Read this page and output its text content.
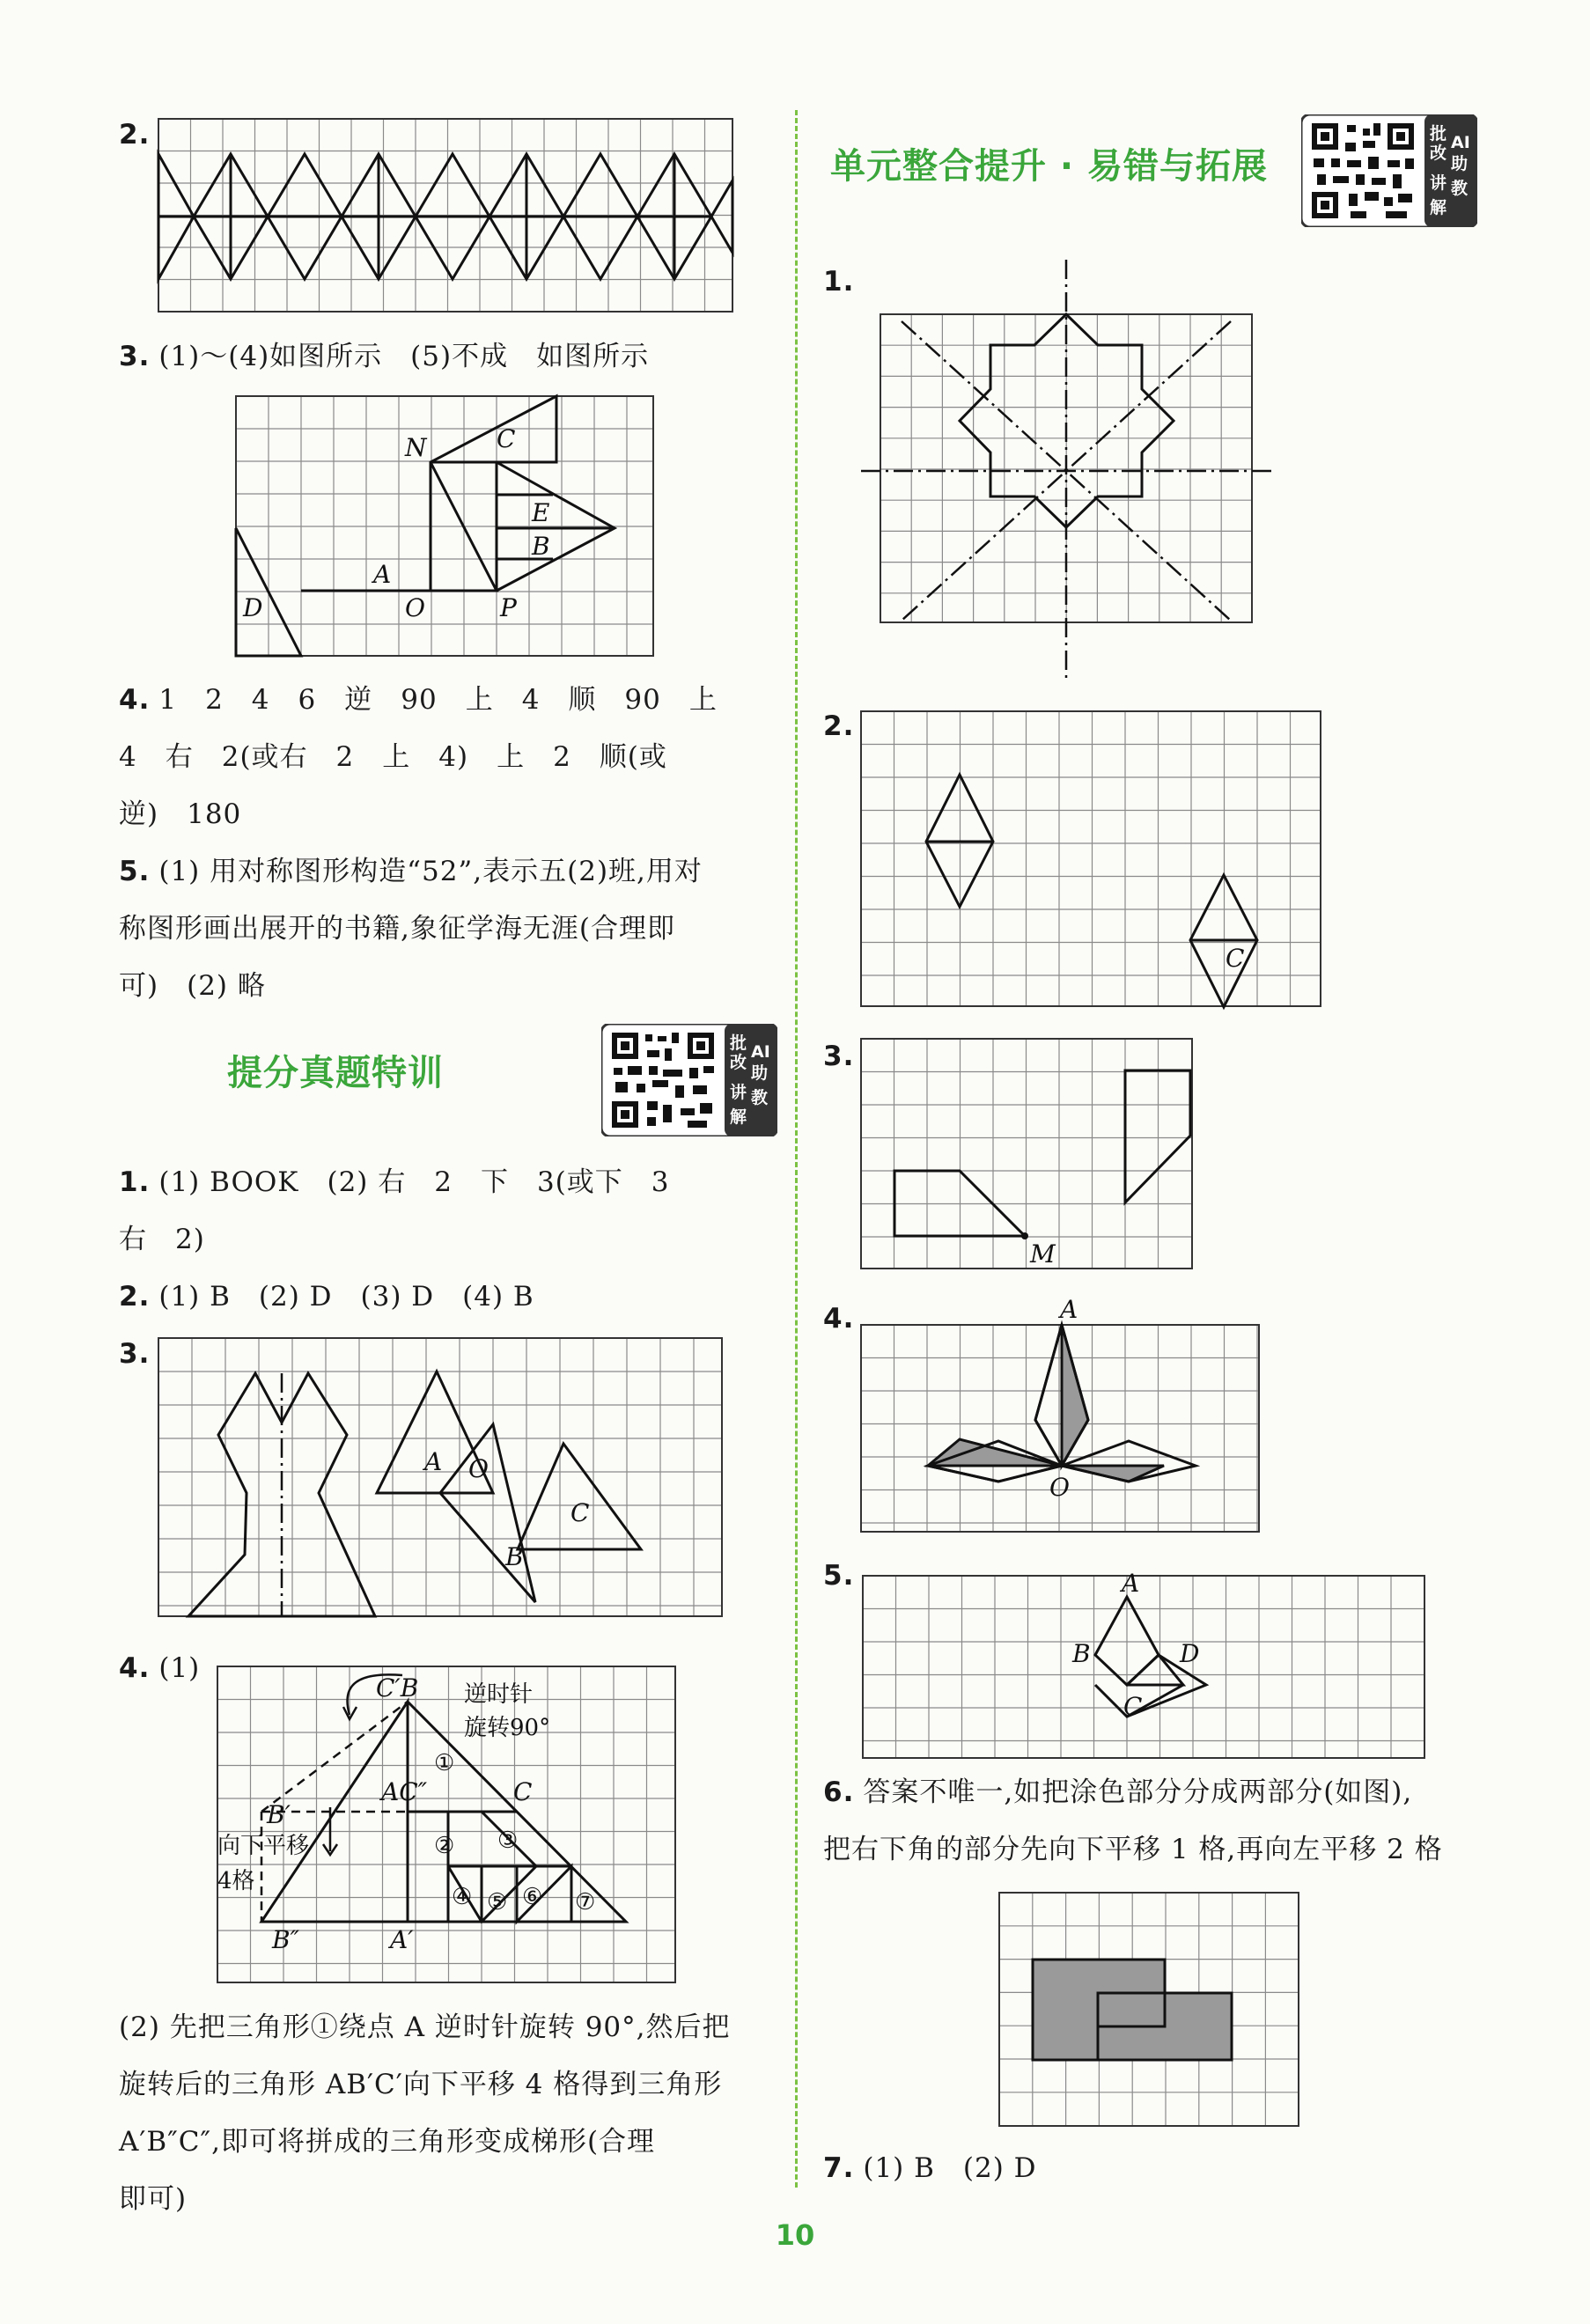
2.
3. (1)～(4)如图所示　(5)不成　如图所示
N	C
E
B
A
D	O	P
4. 1　2　4　6　逆　90　上　4　顺　90　上
4　右　2(或右　2　上　4)　上　2　顺(或
逆)　180
5. (1) 用对称图形构造“52”,表示五(2)班,用对
称图形画出展开的书籍,象征学海无涯(合理即
可)　(2) 略
提分真题特训
批
改
AI
助
讲 教
解
1. (1) BOOK　(2) 右　2　下　3(或下　3
右　2)
2. (1) B　(2) D　(3) D　(4) B
3.
A O
C
B
4. (1)
C′B 逆时针
旋转90°
①
AC″	C
B′
向下平移
4格
② ③
④ ⑤ ⑥ ⑦
B″	A′
(2) 先把三角形①绕点 A 逆时针旋转 90°,然后把
旋转后的三角形 AB′C′向下平移 4 格得到三角形
A′B″C″,即可将拼成的三角形变成梯形(合理
即可)
单元整合提升 · 易错与拓展
批
改
AI
助
讲 教
解
1.
2.
C
3.
M
4.	A
O
5.	A
B	D
C
6. 答案不唯一,如把涂色部分分成两部分(如图),
把右下角的部分先向下平移 1 格,再向左平移 2 格
7. (1) B　(2) D
10
